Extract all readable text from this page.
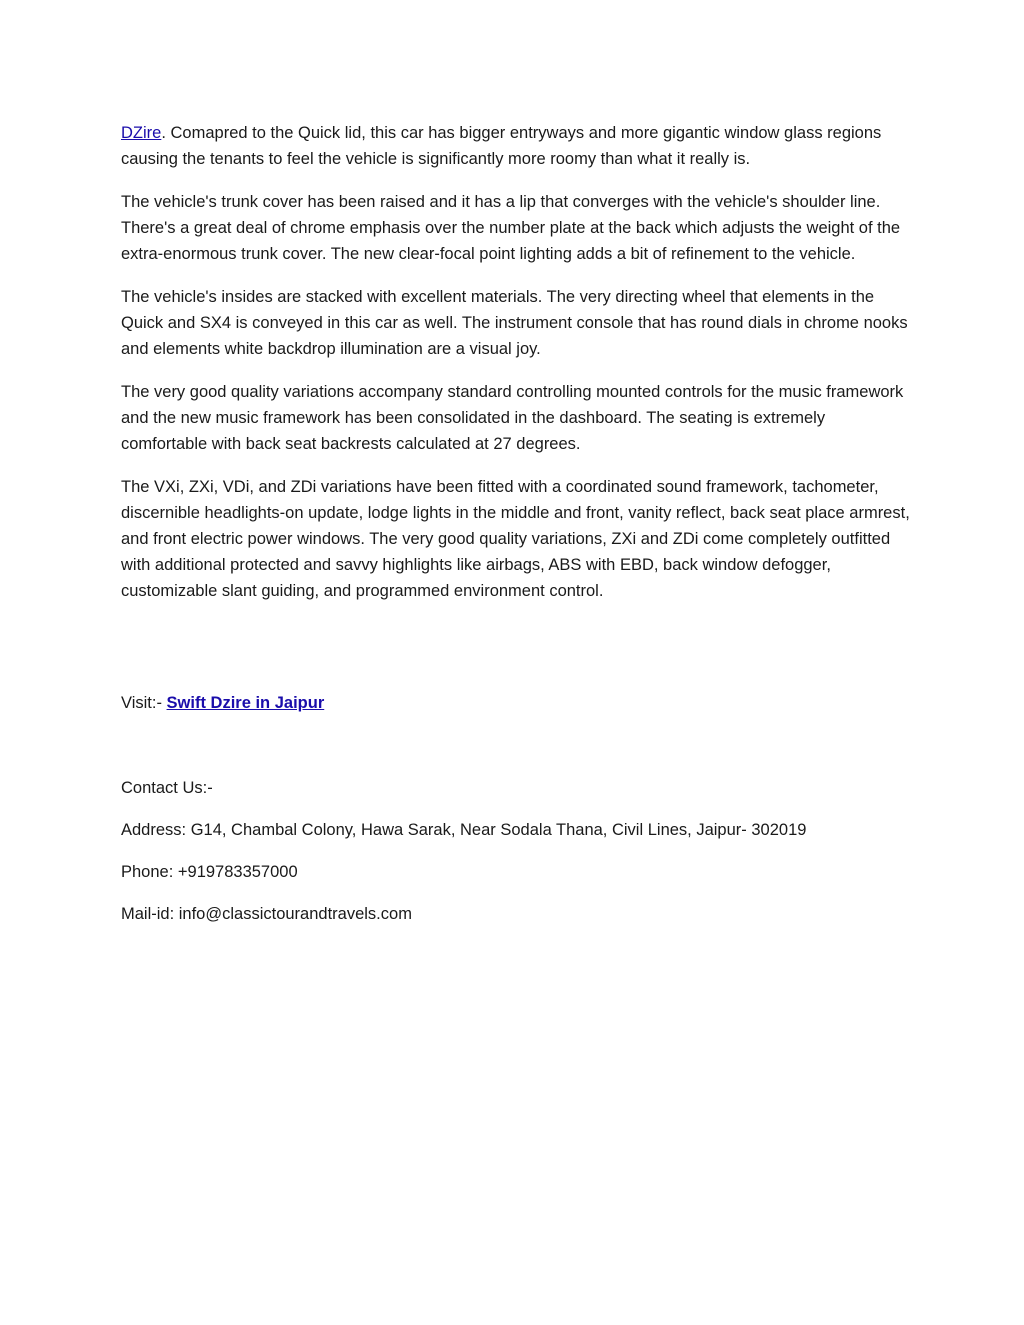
DZire. Comapred to the Quick lid, this car has bigger entryways and more gigantic window glass regions causing the tenants to feel the vehicle is significantly more roomy than what it really is.

The vehicle's trunk cover has been raised and it has a lip that converges with the vehicle's shoulder line. There's a great deal of chrome emphasis over the number plate at the back which adjusts the weight of the extra-enormous trunk cover. The new clear-focal point lighting adds a bit of refinement to the vehicle.

The vehicle's insides are stacked with excellent materials. The very directing wheel that elements in the Quick and SX4 is conveyed in this car as well. The instrument console that has round dials in chrome nooks and elements white backdrop illumination are a visual joy.

The very good quality variations accompany standard controlling mounted controls for the music framework and the new music framework has been consolidated in the dashboard. The seating is extremely comfortable with back seat backrests calculated at 27 degrees.

The VXi, ZXi, VDi, and ZDi variations have been fitted with a coordinated sound framework, tachometer, discernible headlights-on update, lodge lights in the middle and front, vanity reflect, back seat place armrest, and front electric power windows. The very good quality variations, ZXi and ZDi come completely outfitted with additional protected and savvy highlights like airbags, ABS with EBD, back window defogger, customizable slant guiding, and programmed environment control.

Visit:- Swift Dzire in Jaipur

Contact Us:-

Address: G14, Chambal Colony, Hawa Sarak, Near Sodala Thana, Civil Lines, Jaipur- 302019

Phone: +919783357000

Mail-id: info@classictourandtravels.com
